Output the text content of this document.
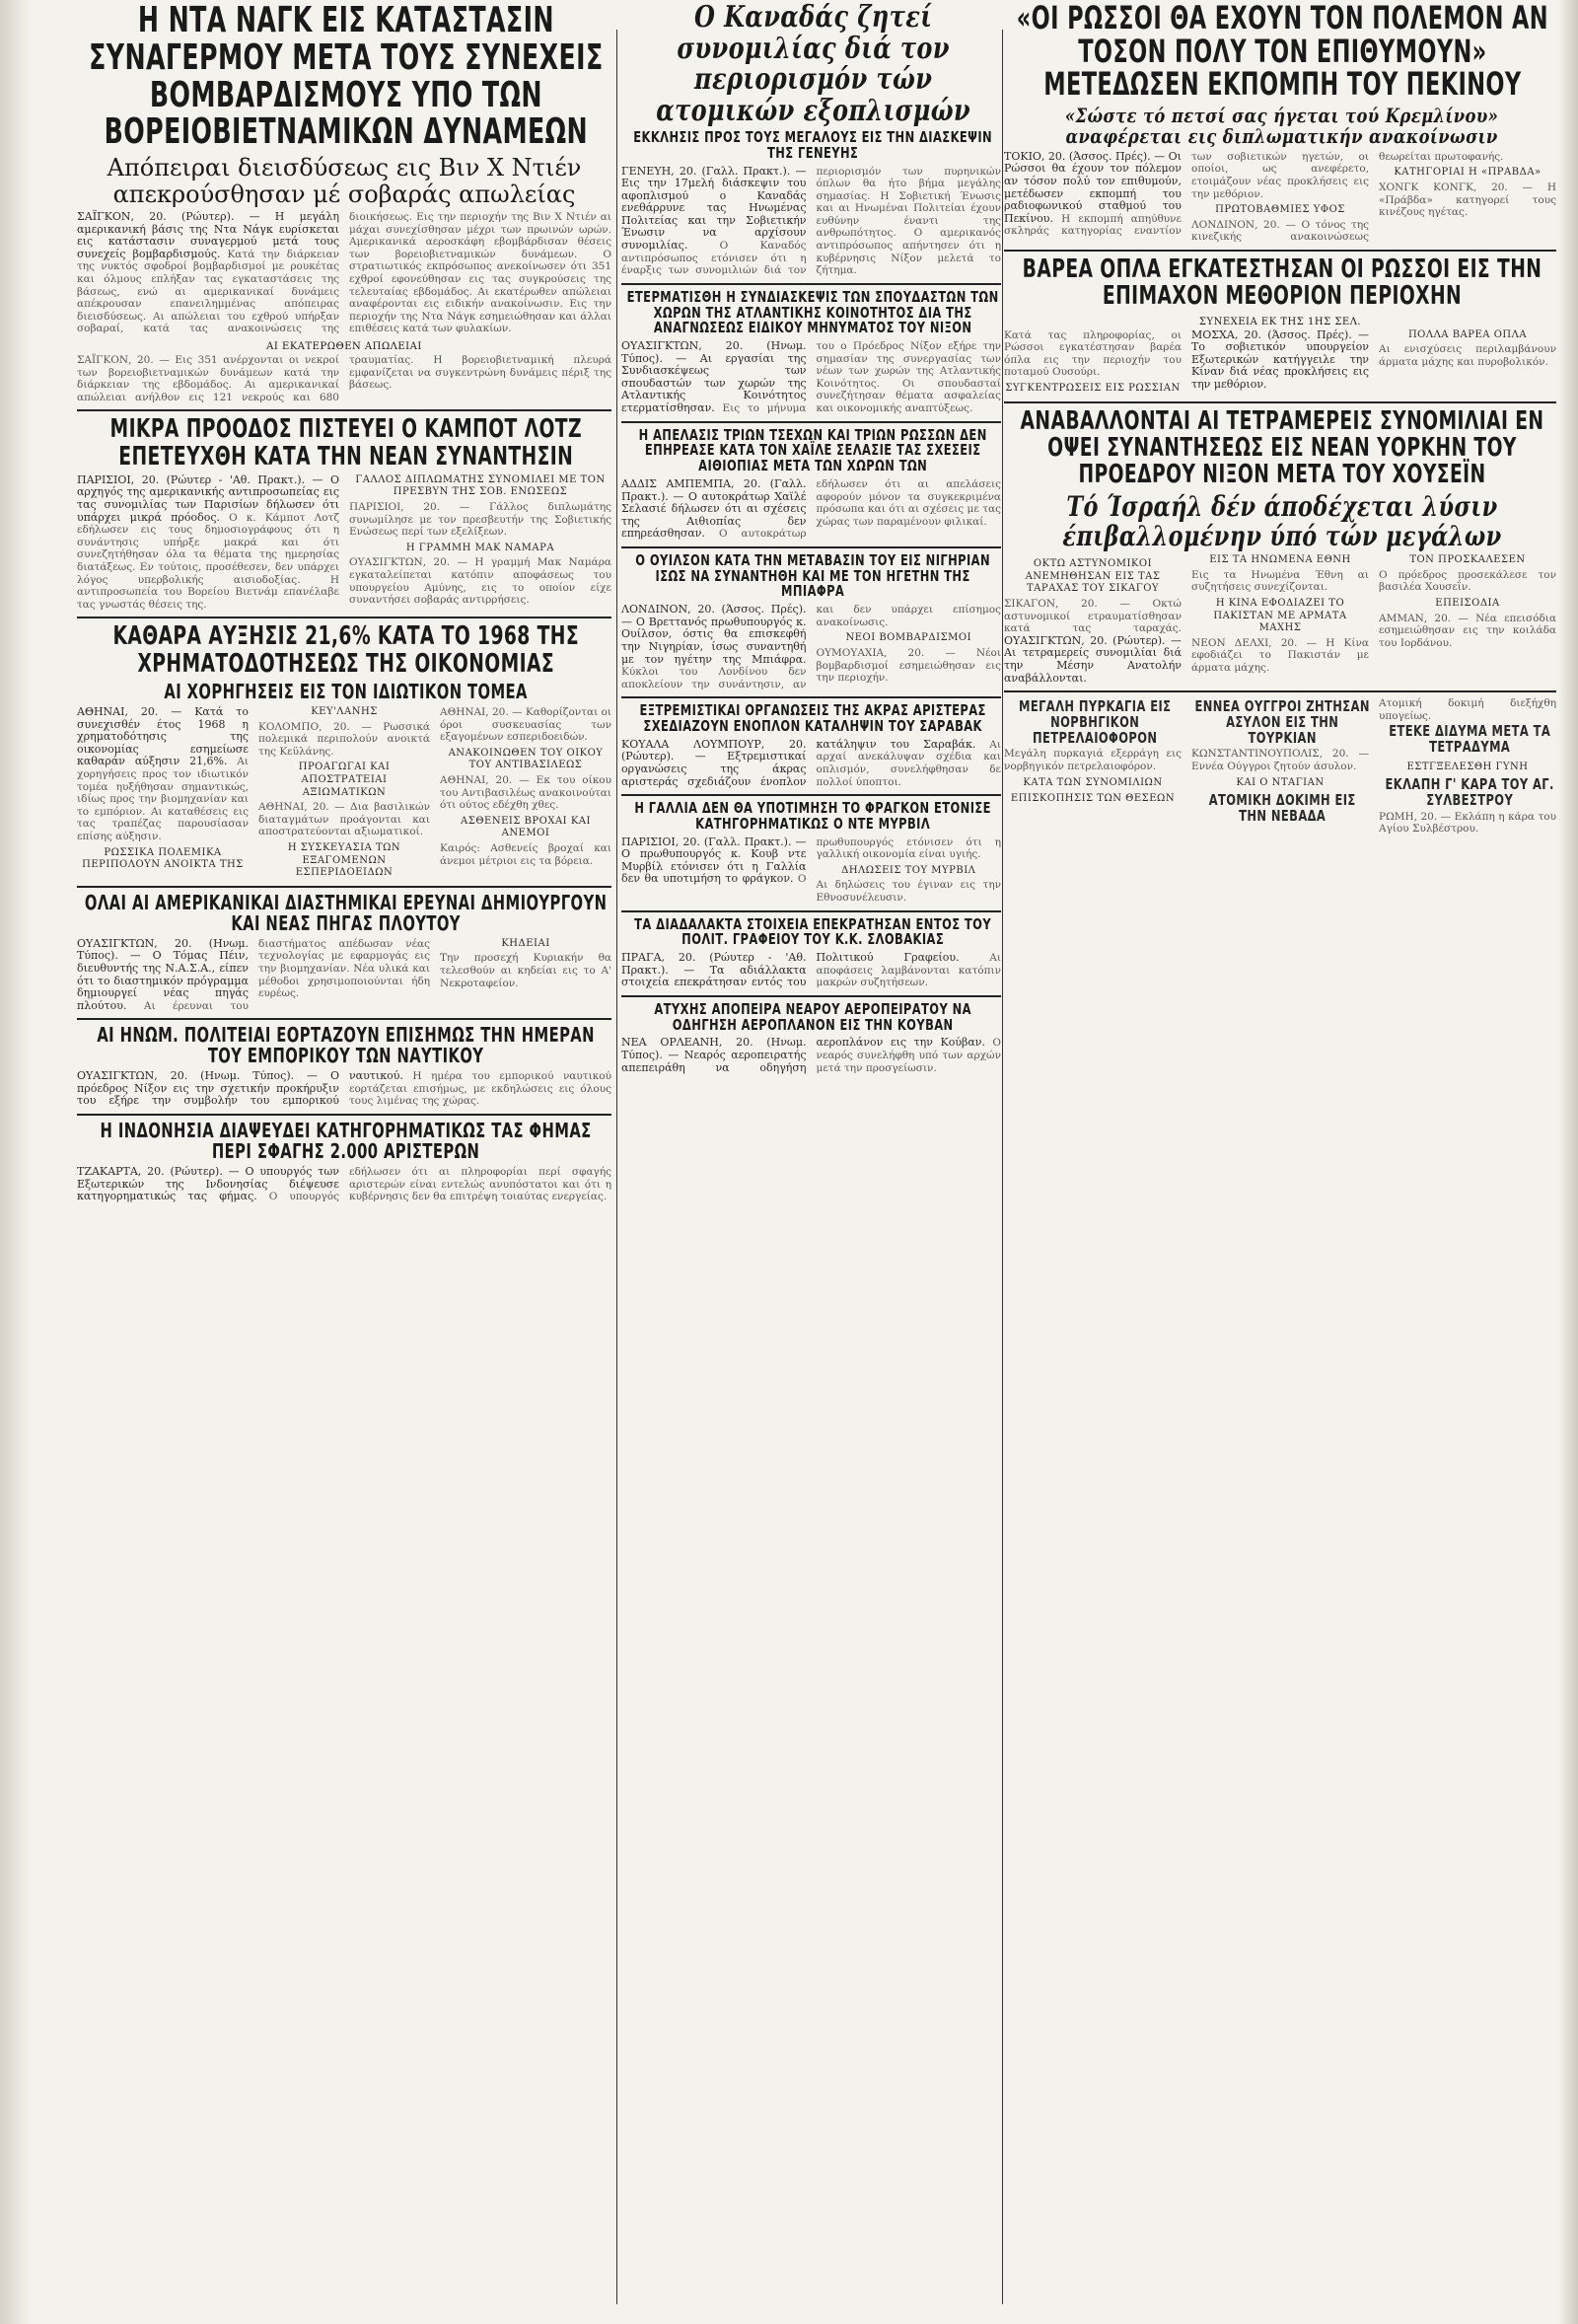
Η ΝΤΑ ΝΑΓΚ ΕΙΣ ΚΑΤΑΣΤΑΣΙΝ ΣΥΝΑΓΕΡΜΟΥ ΜΕΤΑ ΤΟΥΣ ΣΥΝΕΧΕΙΣ ΒΟΜΒΑΡΔΙΣΜΟΥΣ ΥΠΟ ΤΩΝ ΒΟΡΕΙΟΒΙΕΤΝΑΜΙΚΩΝ ΔΥΝΑΜΕΩΝ
Απόπειραι διεισδύσεως εις Βιν Χ Ντιέν απεκρούσθησαν μέ σοβαράς απωλείας
ΣΑΪΓΚΟΝ, 20. (Ρώυτερ). — Η μεγάλη αμερικανική βάσις της Ντα Νάγκ ευρίσκεται εις κατάστασιν συναγερμού μετά τους συνεχείς βομβαρδισμούς. Κατά την διάρκειαν της νυκτός σφοδροί βομβαρδισμοί με ρουκέτας και όλμους επλήξαν τας εγκαταστάσεις της βάσεως, ενώ αι αμερικανικαί δυνάμεις απέκρουσαν επανειλημμένας απόπειρας διεισδύσεως. Αι απώλειαι του εχθρού υπήρξαν σοβαραί, κατά τας ανακοινώσεις της διοικήσεως. Εις την περιοχήν της Βιν Χ Ντιέν αι μάχαι συνεχίσθησαν μέχρι των πρωινών ωρών. Αμερικανικά αεροσκάφη εβομβάρδισαν θέσεις των βορειοβιετναμικών δυνάμεων. Ο στρατιωτικός εκπρόσωπος ανεκοίνωσεν ότι 351 εχθροί εφονεύθησαν εις τας συγκρούσεις της τελευταίας εβδομάδος. Αι εκατέρωθεν απώλειαι αναφέρονται εις ειδικήν ανακοίνωσιν. Εις την περιοχήν της Ντα Νάγκ εσημειώθησαν και άλλαι επιθέσεις κατά των φυλακίων.
ΑΙ ΕΚΑΤΕΡΩΘΕΝ ΑΠΩΛΕΙΑΙ
ΣΑΪΓΚΟΝ, 20. — Εις 351 ανέρχονται οι νεκροί των βορειοβιετναμικών δυνάμεων κατά την διάρκειαν της εβδομάδος. Αι αμερικανικαί απώλειαι ανήλθον εις 121 νεκρούς και 680 τραυματίας. Η βορειοβιετναμική πλευρά εμφανίζεται να συγκεντρώνη δυνάμεις πέριξ της βάσεως.
ΜΙΚΡΑ ΠΡΟΟΔΟΣ ΠΙΣΤΕΥΕΙ Ο ΚΑΜΠΟΤ ΛΟΤΖ ΕΠΕΤΕΥΧΘΗ ΚΑΤΑ ΤΗΝ ΝΕΑΝ ΣΥΝΑΝΤΗΣΙΝ
ΠΑΡΙΣΙΟΙ, 20. (Ρώυτερ - 'Αθ. Πρακτ.). — Ο αρχηγός της αμερικανικής αντιπροσωπείας εις τας συνομιλίας των Παρισίων δήλωσεν ότι υπάρχει μικρά πρόοδος. Ο κ. Κάμποτ Λοτζ εδήλωσεν εις τους δημοσιογράφους ότι η συνάντησις υπήρξε μακρά και ότι συνεζητήθησαν όλα τα θέματα της ημερησίας διατάξεως. Εν τούτοις, προσέθεσεν, δεν υπάρχει λόγος υπερβολικής αισιοδοξίας. Η αντιπροσωπεία του Βορείου Βιετνάμ επανέλαβε τας γνωστάς θέσεις της.
ΓΑΛΛΟΣ ΔΙΠΛΩΜΑΤΗΣ ΣΥΝΟΜΙΛΕΙ ΜΕ ΤΟΝ ΠΡΕΣΒΥΝ ΤΗΣ ΣΟΒ. ΕΝΩΣΕΩΣ
ΠΑΡΙΣΙΟΙ, 20. — Γάλλος διπλωμάτης συνωμίλησε με τον πρεσβευτήν της Σοβιετικής Ενώσεως περί των εξελίξεων.
Η ΓΡΑΜΜΗ ΜΑΚ ΝΑΜΑΡΑ
ΟΥΑΣΙΓΚΤΩΝ, 20. — Η γραμμή Μακ Ναμάρα εγκαταλείπεται κατόπιν αποφάσεως του υπουργείου Αμύνης, εις το οποίον είχε συναντήσει σοβαράς αντιρρήσεις.
ΚΑΘΑΡΑ ΑΥΞΗΣΙΣ 21,6% ΚΑΤΑ ΤΟ 1968 ΤΗΣ ΧΡΗΜΑΤΟΔΟΤΗΣΕΩΣ ΤΗΣ ΟΙΚΟΝΟΜΙΑΣ
ΑΙ ΧΟΡΗΓΗΣΕΙΣ ΕΙΣ ΤΟΝ ΙΔΙΩΤΙΚΟΝ ΤΟΜΕΑ
ΑΘΗΝΑΙ, 20. — Κατά το συνεχισθέν έτος 1968 η χρηματοδότησις της οικονομίας εσημείωσε καθαράν αύξησιν 21,6%. Αι χορηγήσεις προς τον ιδιωτικόν τομέα ηυξήθησαν σημαντικώς, ιδίως προς την βιομηχανίαν και το εμπόριον. Αι καταθέσεις εις τας τραπέζας παρουσίασαν επίσης αύξησιν.
ΡΩΣΣΙΚΑ ΠΟΛΕΜΙΚΑ ΠΕΡΙΠΟΛΟΥΝ ΑΝΟΙΚΤΑ ΤΗΣ ΚΕΥ'ΛΑΝΗΣ
ΚΟΛΟΜΠΟ, 20. — Ρωσσικά πολεμικά περιπολούν ανοικτά της Κεϋλάνης.
ΠΡΟΑΓΩΓΑΙ ΚΑΙ ΑΠΟΣΤΡΑΤΕΙΑΙ ΑΞΙΩΜΑΤΙΚΩΝ
ΑΘΗΝΑΙ, 20. — Δια βασιλικών διαταγμάτων προάγονται και αποστρατεύονται αξιωματικοί.
Η ΣΥΣΚΕΥΑΣΙΑ ΤΩΝ ΕΞΑΓΟΜΕΝΩΝ ΕΣΠΕΡΙΔΟΕΙΔΩΝ
ΑΘΗΝΑΙ, 20. — Καθορίζονται οι όροι συσκευασίας των εξαγομένων εσπεριδοειδών.
ΑΝΑΚΟΙΝΩΘΕΝ ΤΟΥ ΟΙΚΟΥ ΤΟΥ ΑΝΤΙΒΑΣΙΛΕΩΣ
ΑΘΗΝΑΙ, 20. — Εκ του οίκου του Αντιβασιλέως ανακοινούται ότι ούτος εδέχθη χθες.
ΑΣΘΕΝΕΙΣ ΒΡΟΧΑΙ ΚΑΙ ΑΝΕΜΟΙ
Καιρός: Ασθενείς βροχαί και άνεμοι μέτριοι εις τα βόρεια.
ΟΛΑΙ ΑΙ ΑΜΕΡΙΚΑΝΙΚΑΙ ΔΙΑΣΤΗΜΙΚΑΙ ΕΡΕΥΝΑΙ ΔΗΜΙΟΥΡΓΟΥΝ ΚΑΙ ΝΕΑΣ ΠΗΓΑΣ ΠΛΟΥΤΟΥ
ΟΥΑΣΙΓΚΤΩΝ, 20. (Ηνωμ. Τύπος). — Ο Τόμας Πέιν, διευθυντής της Ν.Α.Σ.Α., είπεν ότι το διαστημικόν πρόγραμμα δημιουργεί νέας πηγάς πλούτου. Αι έρευναι του διαστήματος απέδωσαν νέας τεχνολογίας με εφαρμογάς εις την βιομηχανίαν. Νέα υλικά και μέθοδοι χρησιμοποιούνται ήδη ευρέως.
ΚΗΔΕΙΑΙ
Την προσεχή Κυριακήν θα τελεσθούν αι κηδείαι εις το Α' Νεκροταφείον.
ΑΙ ΗΝΩΜ. ΠΟΛΙΤΕΙΑΙ ΕΟΡΤΑΖΟΥΝ ΕΠΙΣΗΜΩΣ ΤΗΝ ΗΜΕΡΑΝ ΤΟΥ ΕΜΠΟΡΙΚΟΥ ΤΩΝ ΝΑΥΤΙΚΟΥ
ΟΥΑΣΙΓΚΤΩΝ, 20. (Ηνωμ. Τύπος). — Ο πρόεδρος Νίξον εις την σχετικήν προκήρυξιν του εξήρε την συμβολήν του εμπορικού ναυτικού. Η ημέρα του εμπορικού ναυτικού εορτάζεται επισήμως, με εκδηλώσεις εις όλους τους λιμένας της χώρας.
Η ΙΝΔΟΝΗΣΙΑ ΔΙΑΨΕΥΔΕΙ ΚΑΤΗΓΟΡΗΜΑΤΙΚΩΣ ΤΑΣ ΦΗΜΑΣ ΠΕΡΙ ΣΦΑΓΗΣ 2.000 ΑΡΙΣΤΕΡΩΝ
ΤΖΑΚΑΡΤΑ, 20. (Ρώυτερ). — Ο υπουργός των Εξωτερικών της Ινδονησίας διέψευσε κατηγορηματικώς τας φήμας. Ο υπουργός εδήλωσεν ότι αι πληροφορίαι περί σφαγής αριστερών είναι εντελώς ανυπόστατοι και ότι η κυβέρνησις δεν θα επιτρέψη τοιαύτας ενεργείας.
Ο Καναδάς ζητεί συνομιλίας διά τον περιορισμόν τών ατομικών εξοπλισμών
ΕΚΚΛΗΣΙΣ ΠΡΟΣ ΤΟΥΣ ΜΕΓΑΛΟΥΣ ΕΙΣ ΤΗΝ ΔΙΑΣΚΕΨΙΝ ΤΗΣ ΓΕΝΕΥΗΣ
ΓΕΝΕΥΗ, 20. (Γαλλ. Πρακτ.). — Εις την 17μελή διάσκεψιν του αφοπλισμού ο Καναδάς ενεθάρρυνε τας Ηνωμένας Πολιτείας και την Σοβιετικήν Ένωσιν να αρχίσουν συνομιλίας.	Ο Καναδός αντιπρόσωπος ετόνισεν ότι η έναρξις των συνομιλιών διά τον περιορισμόν των πυρηνικών όπλων θα ήτο βήμα μεγάλης σημασίας. Η Σοβιετική Ένωσις και αι Ηνωμέναι Πολιτείαι έχουν ευθύνην έναντι της ανθρωπότητος. Ο αμερικανός αντιπρόσωπος απήντησεν ότι η κυβέρνησις Νίξον μελετά το ζήτημα.
ΕΤΕΡΜΑΤΙΣΘΗ Η ΣΥΝΔΙΑΣΚΕΨΙΣ ΤΩΝ ΣΠΟΥΔΑΣΤΩΝ ΤΩΝ ΧΩΡΩΝ ΤΗΣ ΑΤΛΑΝΤΙΚΗΣ ΚΟΙΝΟΤΗΤΟΣ ΔΙΑ ΤΗΣ ΑΝΑΓΝΩΣΕΩΣ ΕΙΔΙΚΟΥ ΜΗΝΥΜΑΤΟΣ ΤΟΥ ΝΙΞΟΝ
ΟΥΑΣΙΓΚΤΩΝ, 20. (Ηνωμ. Τύπος). — Αι εργασίαι της Συνδιασκέψεως των σπουδαστών των χωρών της Ατλαντικής Κοινότητος ετερματίσθησαν. Εις το μήνυμα του ο Πρόεδρος Νίξον εξήρε την σημασίαν της συνεργασίας των νέων των χωρών της Ατλαντικής Κοινότητος. Οι σπουδασταί συνεζήτησαν θέματα ασφαλείας και οικονομικής αναπτύξεως.
Η ΑΠΕΛΑΣΙΣ ΤΡΙΩΝ ΤΣΕΧΩΝ ΚΑΙ ΤΡΙΩΝ ΡΩΣΣΩΝ ΔΕΝ ΕΠΗΡΕΑΣΕ ΚΑΤΑ ΤΟΝ ΧΑΪΛΕ ΣΕΛΑΣΙΕ ΤΑΣ ΣΧΕΣΕΙΣ ΑΙΘΙΟΠΙΑΣ ΜΕΤΑ ΤΩΝ ΧΩΡΩΝ ΤΩΝ
ΑΔΔΙΣ ΑΜΠΕΜΠΑ, 20. (Γαλλ. Πρακτ.). — Ο αυτοκράτωρ Χαϊλέ Σελασιέ δήλωσεν ότι αι σχέσεις της Αιθιοπίας δεν επηρεάσθησαν. Ο αυτοκράτωρ εδήλωσεν ότι αι απελάσεις αφορούν μόνον τα συγκεκριμένα πρόσωπα και ότι αι σχέσεις με τας χώρας των παραμένουν φιλικαί.
Ο ΟΥΙΛΣΟΝ ΚΑΤΑ ΤΗΝ ΜΕΤΑΒΑΣΙΝ ΤΟΥ ΕΙΣ ΝΙΓΗΡΙΑΝ ΙΣΩΣ ΝΑ ΣΥΝΑΝΤΗΘΗ ΚΑΙ ΜΕ ΤΟΝ ΗΓΕΤΗΝ ΤΗΣ ΜΠΙΑΦΡΑ
ΛΟΝΔΙΝΟΝ, 20. (Άσσος. Πρές). — Ο Βρεττανός πρωθυπουργός κ. Ουίλσον, όστις θα επισκεφθή την Νιγηρίαν, ίσως συναντηθή με τον ηγέτην της Μπιάφρα. Κύκλοι του Λονδίνου δεν αποκλείουν την συνάντησιν, αν και δεν υπάρχει επίσημος ανακοίνωσις.
ΝΕΟΙ ΒΟΜΒΑΡΔΙΣΜΟΙ
ΟΥΜΟΥΑΧΙΑ, 20. — Νέοι βομβαρδισμοί εσημειώθησαν εις την περιοχήν.
ΕΞΤΡΕΜΙΣΤΙΚΑΙ ΟΡΓΑΝΩΣΕΙΣ ΤΗΣ ΑΚΡΑΣ ΑΡΙΣΤΕΡΑΣ ΣΧΕΔΙΑΖΟΥΝ ΕΝΟΠΛΟΝ ΚΑΤΑΛΗΨΙΝ ΤΟΥ ΣΑΡΑΒΑΚ
ΚΟΥΑΛΑ ΛΟΥΜΠΟΥΡ, 20. (Ρώυτερ). — Εξτρεμιστικαί οργανώσεις της άκρας αριστεράς σχεδιάζουν ένοπλον κατάληψιν του Σαραβάκ. Αι αρχαί ανεκάλυψαν σχέδια και οπλισμόν, συνελήφθησαν δε πολλοί ύποπτοι.
Η ΓΑΛΛΙΑ ΔΕΝ ΘΑ ΥΠΟΤΙΜΗΣΗ ΤΟ ΦΡΑΓΚΟΝ ΕΤΟΝΙΣΕ ΚΑΤΗΓΟΡΗΜΑΤΙΚΩΣ Ο ΝΤΕ ΜΥΡΒΙΛ
ΠΑΡΙΣΙΟΙ, 20. (Γαλλ. Πρακτ.). — Ο πρωθυπουργός κ. Κουβ ντε Μυρβίλ ετόνισεν ότι η Γαλλία δεν θα υποτιμήση το φράγκον. Ο πρωθυπουργός ετόνισεν ότι η γαλλική οικονομία είναι υγιής.
ΔΗΛΩΣΕΙΣ ΤΟΥ ΜΥΡΒΙΛ
Αι δηλώσεις του έγιναν εις την Εθνοσυνέλευσιν.
ΤΑ ΔΙΑΔΑΛΑΚΤΑ ΣΤΟΙΧΕΙΑ ΕΠΕΚΡΑΤΗΣΑΝ ΕΝΤΟΣ ΤΟΥ ΠΟΛΙΤ. ΓΡΑΦΕΙΟΥ ΤΟΥ Κ.Κ. ΣΛΟΒΑΚΙΑΣ
ΠΡΑΓΑ, 20. (Ρώυτερ - 'Αθ. Πρακτ.). — Τα αδιάλλακτα στοιχεία επεκράτησαν εντός του Πολιτικού Γραφείου.	Αι αποφάσεις λαμβάνονται κατόπιν μακρών συζητήσεων.
ΑΤΥΧΗΣ ΑΠΟΠΕΙΡΑ ΝΕΑΡΟΥ ΑΕΡΟΠΕΙΡΑΤΟΥ ΝΑ ΟΔΗΓΗΣΗ ΑΕΡΟΠΛΑΝΟΝ ΕΙΣ ΤΗΝ ΚΟΥΒΑΝ
ΝΕΑ ΟΡΛΕΑΝΗ, 20. (Ηνωμ. Τύπος). — Νεαρός αεροπειρατής απεπειράθη να οδηγήση αεροπλάνον εις την Κούβαν. Ο νεαρός συνελήφθη υπό των αρχών μετά την προσγείωσιν.
«ΟΙ ΡΩΣΣΟΙ ΘΑ ΕΧΟΥΝ ΤΟΝ ΠΟΛΕΜΟΝ ΑΝ ΤΟΣΟΝ ΠΟΛΥ ΤΟΝ ΕΠΙΘΥΜΟΥΝ» ΜΕΤΕΔΩΣΕΝ ΕΚΠΟΜΠΗ ΤΟΥ ΠΕΚΙΝΟΥ
«Σώστε τό πετσί σας ήγεται τού Κρεμλίνου» αναφέρεται εις διπλωματικήν ανακοίνωσιν
ΤΟΚΙΟ, 20. (Άσσος. Πρές). — Οι Ρώσσοι θα έχουν τον πόλεμον αν τόσον πολύ τον επιθυμούν, μετέδωσεν εκπομπή του ραδιοφωνικού σταθμού του Πεκίνου. Η εκπομπή απηύθυνε σκληράς κατηγορίας εναντίον των σοβιετικών ηγετών, οι οποίοι, ως ανεφέρετο, ετοιμάζουν νέας προκλήσεις εις την μεθόριον.
ΠΡΩΤΟΒΑΘΜΙΕΣ ΥΦΟΣ
ΛΟΝΔΙΝΟΝ, 20. — Ο τόνος της κινεζικής ανακοινώσεως θεωρείται πρωτοφανής.
ΚΑΤΗΓΟΡΙΑΙ Η «ΠΡΑΒΔΑ»
ΧΟΝΓΚ ΚΟΝΓΚ, 20. — Η «Πράβδα» κατηγορεί τους κινέζους ηγέτας.
ΒΑΡΕΑ ΟΠΛΑ ΕΓΚΑΤΕΣΤΗΣΑΝ ΟΙ ΡΩΣΣΟΙ ΕΙΣ ΤΗΝ ΕΠΙΜΑΧΟΝ ΜΕΘΟΡΙΟΝ ΠΕΡΙΟΧΗΝ
ΣΥΝΕΧΕΙΑ ΕΚ ΤΗΣ 1ΗΣ ΣΕΛ.
Κατά τας πληροφορίας, οι Ρώσσοι εγκατέστησαν βαρέα όπλα εις την περιοχήν του ποταμού Ουσούρι.
ΣΥΓΚΕΝΤΡΩΣΕΙΣ ΕΙΣ ΡΩΣΣΙΑΝ
ΜΟΣΧΑ, 20. (Άσσος. Πρές). — Το σοβιετικόν υπουργείον Εξωτερικών κατήγγειλε την Κίναν διά νέας προκλήσεις εις την μεθόριον.
ΠΟΛΛΑ ΒΑΡΕΑ ΟΠΛΑ
Αι ενισχύσεις περιλαμβάνουν άρματα μάχης και πυροβολικόν.
ΑΝΑΒΑΛΛΟΝΤΑΙ ΑΙ ΤΕΤΡΑΜΕΡΕΙΣ ΣΥΝΟΜΙΛΙΑΙ ΕΝ ΟΨΕΙ ΣΥΝΑΝΤΗΣΕΩΣ ΕΙΣ ΝΕΑΝ ΥΟΡΚΗΝ ΤΟΥ ΠΡΟΕΔΡΟΥ ΝΙΞΟΝ ΜΕΤΑ ΤΟΥ ΧΟΥΣΕΪΝ
Τό Ίσραήλ δέν άποδέχεται λύσιν έπιβαλλομένην ύπό τών μεγάλων
ΟΚΤΩ ΑΣΤΥΝΟΜΙΚΟΙ ΑΝΕΜΗΘΗΣΑΝ ΕΙΣ ΤΑΣ ΤΑΡΑΧΑΣ ΤΟΥ ΣΙΚΑΓΟΥ
ΣΙΚΑΓΟΝ, 20. — Οκτώ αστυνομικοί ετραυματίσθησαν κατά τας ταραχάς. ΟΥΑΣΙΓΚΤΩΝ, 20. (Ρώυτερ). — Αι τετραμερείς συνομιλίαι διά την Μέσην Ανατολήν αναβάλλονται.
ΕΙΣ ΤΑ ΗΝΩΜΕΝΑ ΕΘΝΗ
Εις τα Ηνωμένα Έθνη αι συζητήσεις συνεχίζονται.
Η ΚΙΝΑ ΕΦΟΔΙΑΖΕΙ ΤΟ ΠΑΚΙΣΤΑΝ ΜΕ ΑΡΜΑΤΑ ΜΑΧΗΣ
ΝΕΟΝ ΔΕΛΧΙ, 20. — Η Κίνα εφοδιάζει το Πακιστάν με άρματα μάχης.
ΤΟΝ ΠΡΟΣΚΑΛΕΣΕΝ
Ο πρόεδρος προσεκάλεσε τον βασιλέα Χουσεΐν.
ΕΠΕΙΣΟΔΙΑ
ΑΜΜΑΝ, 20. — Νέα επεισόδια εσημειώθησαν εις την κοιλάδα του Ιορδάνου.
ΜΕΓΑΛΗ ΠΥΡΚΑΓΙΑ ΕΙΣ ΝΟΡΒΗΓΙΚΟΝ ΠΕΤΡΕΛΑΙΟΦΟΡΟΝ
Μεγάλη πυρκαγιά εξερράγη εις νορβηγικόν πετρελαιοφόρον.
ΚΑΤΑ ΤΩΝ ΣΥΝΟΜΙΛΙΩΝ
ΕΠΙΣΚΟΠΗΣΙΣ ΤΩΝ ΘΕΣΕΩΝ
ΕΝΝΕΑ ΟΥΓΓΡΟΙ ΖΗΤΗΣΑΝ ΑΣΥΛΟΝ ΕΙΣ ΤΗΝ ΤΟΥΡΚΙΑΝ
ΚΩΝΣΤΑΝΤΙΝΟΥΠΟΛΙΣ, 20. — Εννέα Ούγγροι ζητούν άσυλον.
ΚΑΙ Ο ΝΤΑΓΙΑΝ
ΑΤΟΜΙΚΗ ΔΟΚΙΜΗ ΕΙΣ ΤΗΝ ΝΕΒΑΔΑ
Ατομική δοκιμή διεξήχθη υπογείως.
ΕΤΕΚΕ ΔΙΔΥΜΑ ΜΕΤΑ ΤΑ ΤΕΤΡΑΔΥΜΑ
ΕΣΤΓΞΕΛΕΣΘΗ ΓΥΝΗ
ΕΚΛΑΠΗ Γ' ΚΑΡΑ ΤΟΥ ΑΓ. ΣΥΛΒΕΣΤΡΟΥ
ΡΩΜΗ, 20. — Εκλάπη η κάρα του Αγίου Συλβέστρου.
